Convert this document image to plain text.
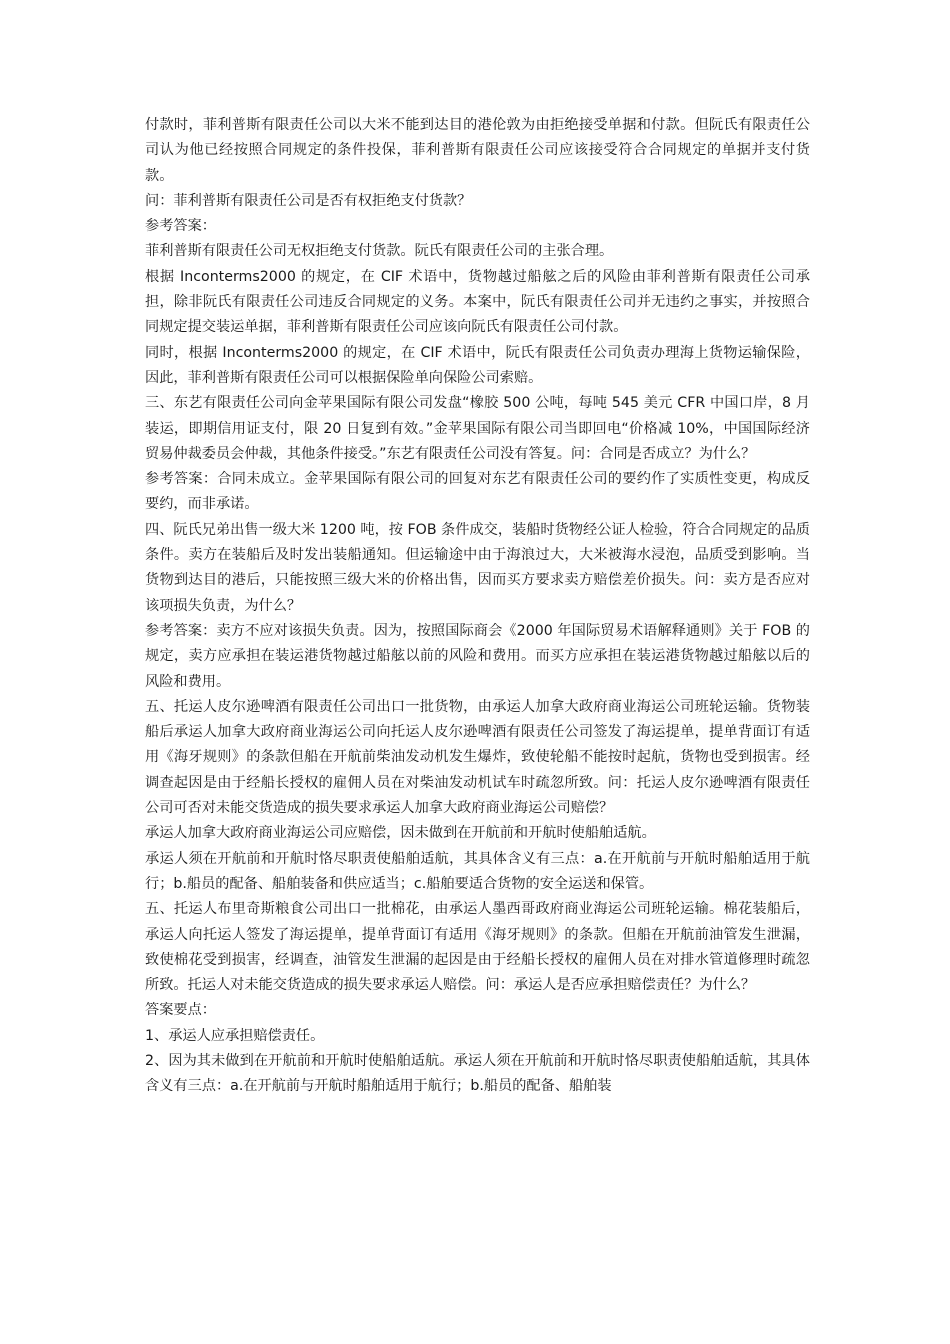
付款时，菲利普斯有限责任公司以大米不能到达目的港伦敦为由拒绝接受单据和付款。但阮氏有限责任公司认为他已经按照合同规定的条件投保，菲利普斯有限责任公司应该接受符合合同规定的单据并支付货款。

问：菲利普斯有限责任公司是否有权拒绝支付货款？

参考答案：

菲利普斯有限责任公司无权拒绝支付货款。阮氏有限责任公司的主张合理。

根据 Inconterms2000 的规定，在 CIF 术语中，货物越过船舷之后的风险由菲利普斯有限责任公司承担，除非阮氏有限责任公司违反合同规定的义务。本案中，阮氏有限责任公司并无违约之事实，并按照合同规定提交装运单据，菲利普斯有限责任公司应该向阮氏有限责任公司付款。

同时，根据 Inconterms2000 的规定，在 CIF 术语中，阮氏有限责任公司负责办理海上货物运输保险，因此，菲利普斯有限责任公司可以根据保险单向保险公司索赔。

三、东艺有限责任公司向金苹果国际有限公司发盘“橡胶 500 公吨，每吨 545 美元 CFR 中国口岸，8 月装运，即期信用证支付，限 20 日复到有效。”金苹果国际有限公司当即回电“价格减 10%，中国国际经济贸易仲裁委员会仲裁，其他条件接受。”东艺有限责任公司没有答复。问：合同是否成立？为什么？

参考答案：合同未成立。金苹果国际有限公司的回复对东艺有限责任公司的要约作了实质性变更，构成反要约，而非承诺。

四、阮氏兄弟出售一级大米 1200 吨，按 FOB 条件成交，装船时货物经公证人检验，符合合同规定的品质条件。卖方在装船后及时发出装船通知。但运输途中由于海浪过大，大米被海水浸泡，品质受到影响。当货物到达目的港后，只能按照三级大米的价格出售，因而买方要求卖方赔偿差价损失。问：卖方是否应对该项损失负责，为什么？

参考答案：卖方不应对该损失负责。因为，按照国际商会《2000 年国际贸易术语解释通则》关于 FOB 的规定，卖方应承担在装运港货物越过船舷以前的风险和费用。而买方应承担在装运港货物越过船舷以后的风险和费用。

五、托运人皮尔逊啤酒有限责任公司出口一批货物，由承运人加拿大政府商业海运公司班轮运输。货物装船后承运人加拿大政府商业海运公司向托运人皮尔逊啤酒有限责任公司签发了海运提单，提单背面订有适用《海牙规则》的条款但船在开航前柴油发动机发生爆炸，致使轮船不能按时起航，货物也受到损害。经调查起因是由于经船长授权的雇佣人员在对柴油发动机试车时疏忽所致。问：托运人皮尔逊啤酒有限责任公司可否对未能交货造成的损失要求承运人加拿大政府商业海运公司赔偿？

承运人加拿大政府商业海运公司应赔偿，因未做到在开航前和开航时使船舶适航。

承运人须在开航前和开航时恪尽职责使船舶适航，其具体含义有三点：a.在开航前与开航时船舶适用于航行；b.船员的配备、船舶装备和供应适当；c.船舶要适合货物的安全运送和保管。

五、托运人布里奇斯粮食公司出口一批棉花，由承运人墨西哥政府商业海运公司班轮运输。棉花装船后，承运人向托运人签发了海运提单，提单背面订有适用《海牙规则》的条款。但船在开航前油管发生泄漏，致使棉花受到损害，经调查，油管发生泄漏的起因是由于经船长授权的雇佣人员在对排水管道修理时疏忽所致。托运人对未能交货造成的损失要求承运人赔偿。问：承运人是否应承担赔偿责任？为什么？

答案要点：

1、承运人应承担赔偿责任。

2、因为其未做到在开航前和开航时使船舶适航。承运人须在开航前和开航时恪尽职责使船舶适航，其具体含义有三点：a.在开航前与开航时船舶适用于航行；b.船员的配备、船舶装
